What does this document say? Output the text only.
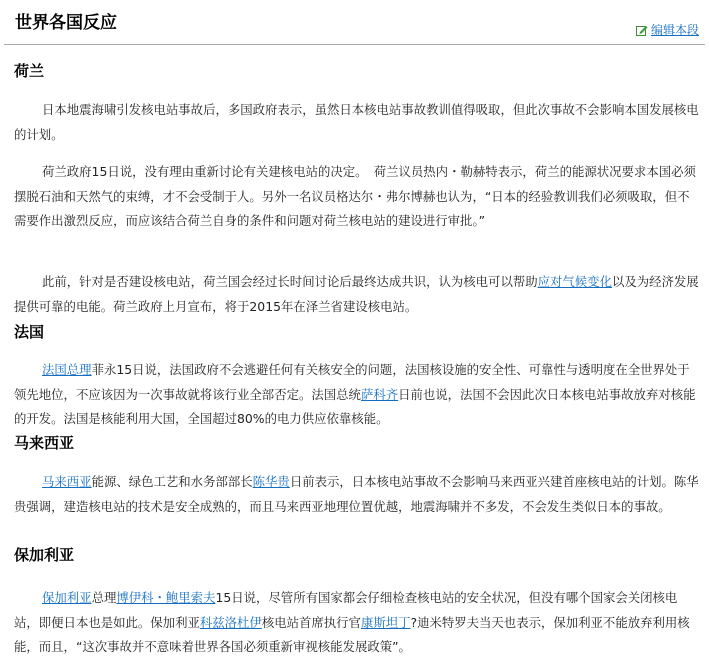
世界各国反应	编辑本段
荷兰

日本地震海啸引发核电站事故后，多国政府表示，虽然日本核电站事故教训值得吸取，但此次事故不会影响本国发展核电的计划。

荷兰政府15日说，没有理由重新讨论有关建核电站的决定。　荷兰议员热内・勒赫特表示，荷兰的能源状况要求本国必须摆脱石油和天然气的束缚，才不会受制于人。另外一名议员格达尔・弗尔博赫也认为，“日本的经验教训我们必须吸取，但不需要作出激烈反应，而应该结合荷兰自身的条件和问题对荷兰核电站的建设进行审批。”

此前，针对是否建设核电站，荷兰国会经过长时间讨论后最终达成共识，认为核电可以帮助应对气候变化以及为经济发展提供可靠的电能。荷兰政府上月宣布，将于2015年在泽兰省建设核电站。

法国

法国总理菲永15日说，法国政府不会逃避任何有关核安全的问题，法国核设施的安全性、可靠性与透明度在全世界处于领先地位，不应该因为一次事故就将该行业全部否定。法国总统萨科齐日前也说，法国不会因此次日本核电站事故放弃对核能的开发。法国是核能利用大国，全国超过80%的电力供应依靠核能。

马来西亚

马来西亚能源、绿色工艺和水务部部长陈华贵日前表示，日本核电站事故不会影响马来西亚兴建首座核电站的计划。陈华贵强调，建造核电站的技术是安全成熟的，而且马来西亚地理位置优越，地震海啸并不多发，不会发生类似日本的事故。

保加利亚

保加利亚总理博伊科・鲍里索夫15日说，尽管所有国家都会仔细检查核电站的安全状况，但没有哪个国家会关闭核电站，即便日本也是如此。保加利亚科兹洛杜伊核电站首席执行官康斯坦丁?迪米特罗夫当天也表示，保加利亚不能放弃利用核能，而且，“这次事故并不意味着世界各国必须重新审视核能发展政策”。
